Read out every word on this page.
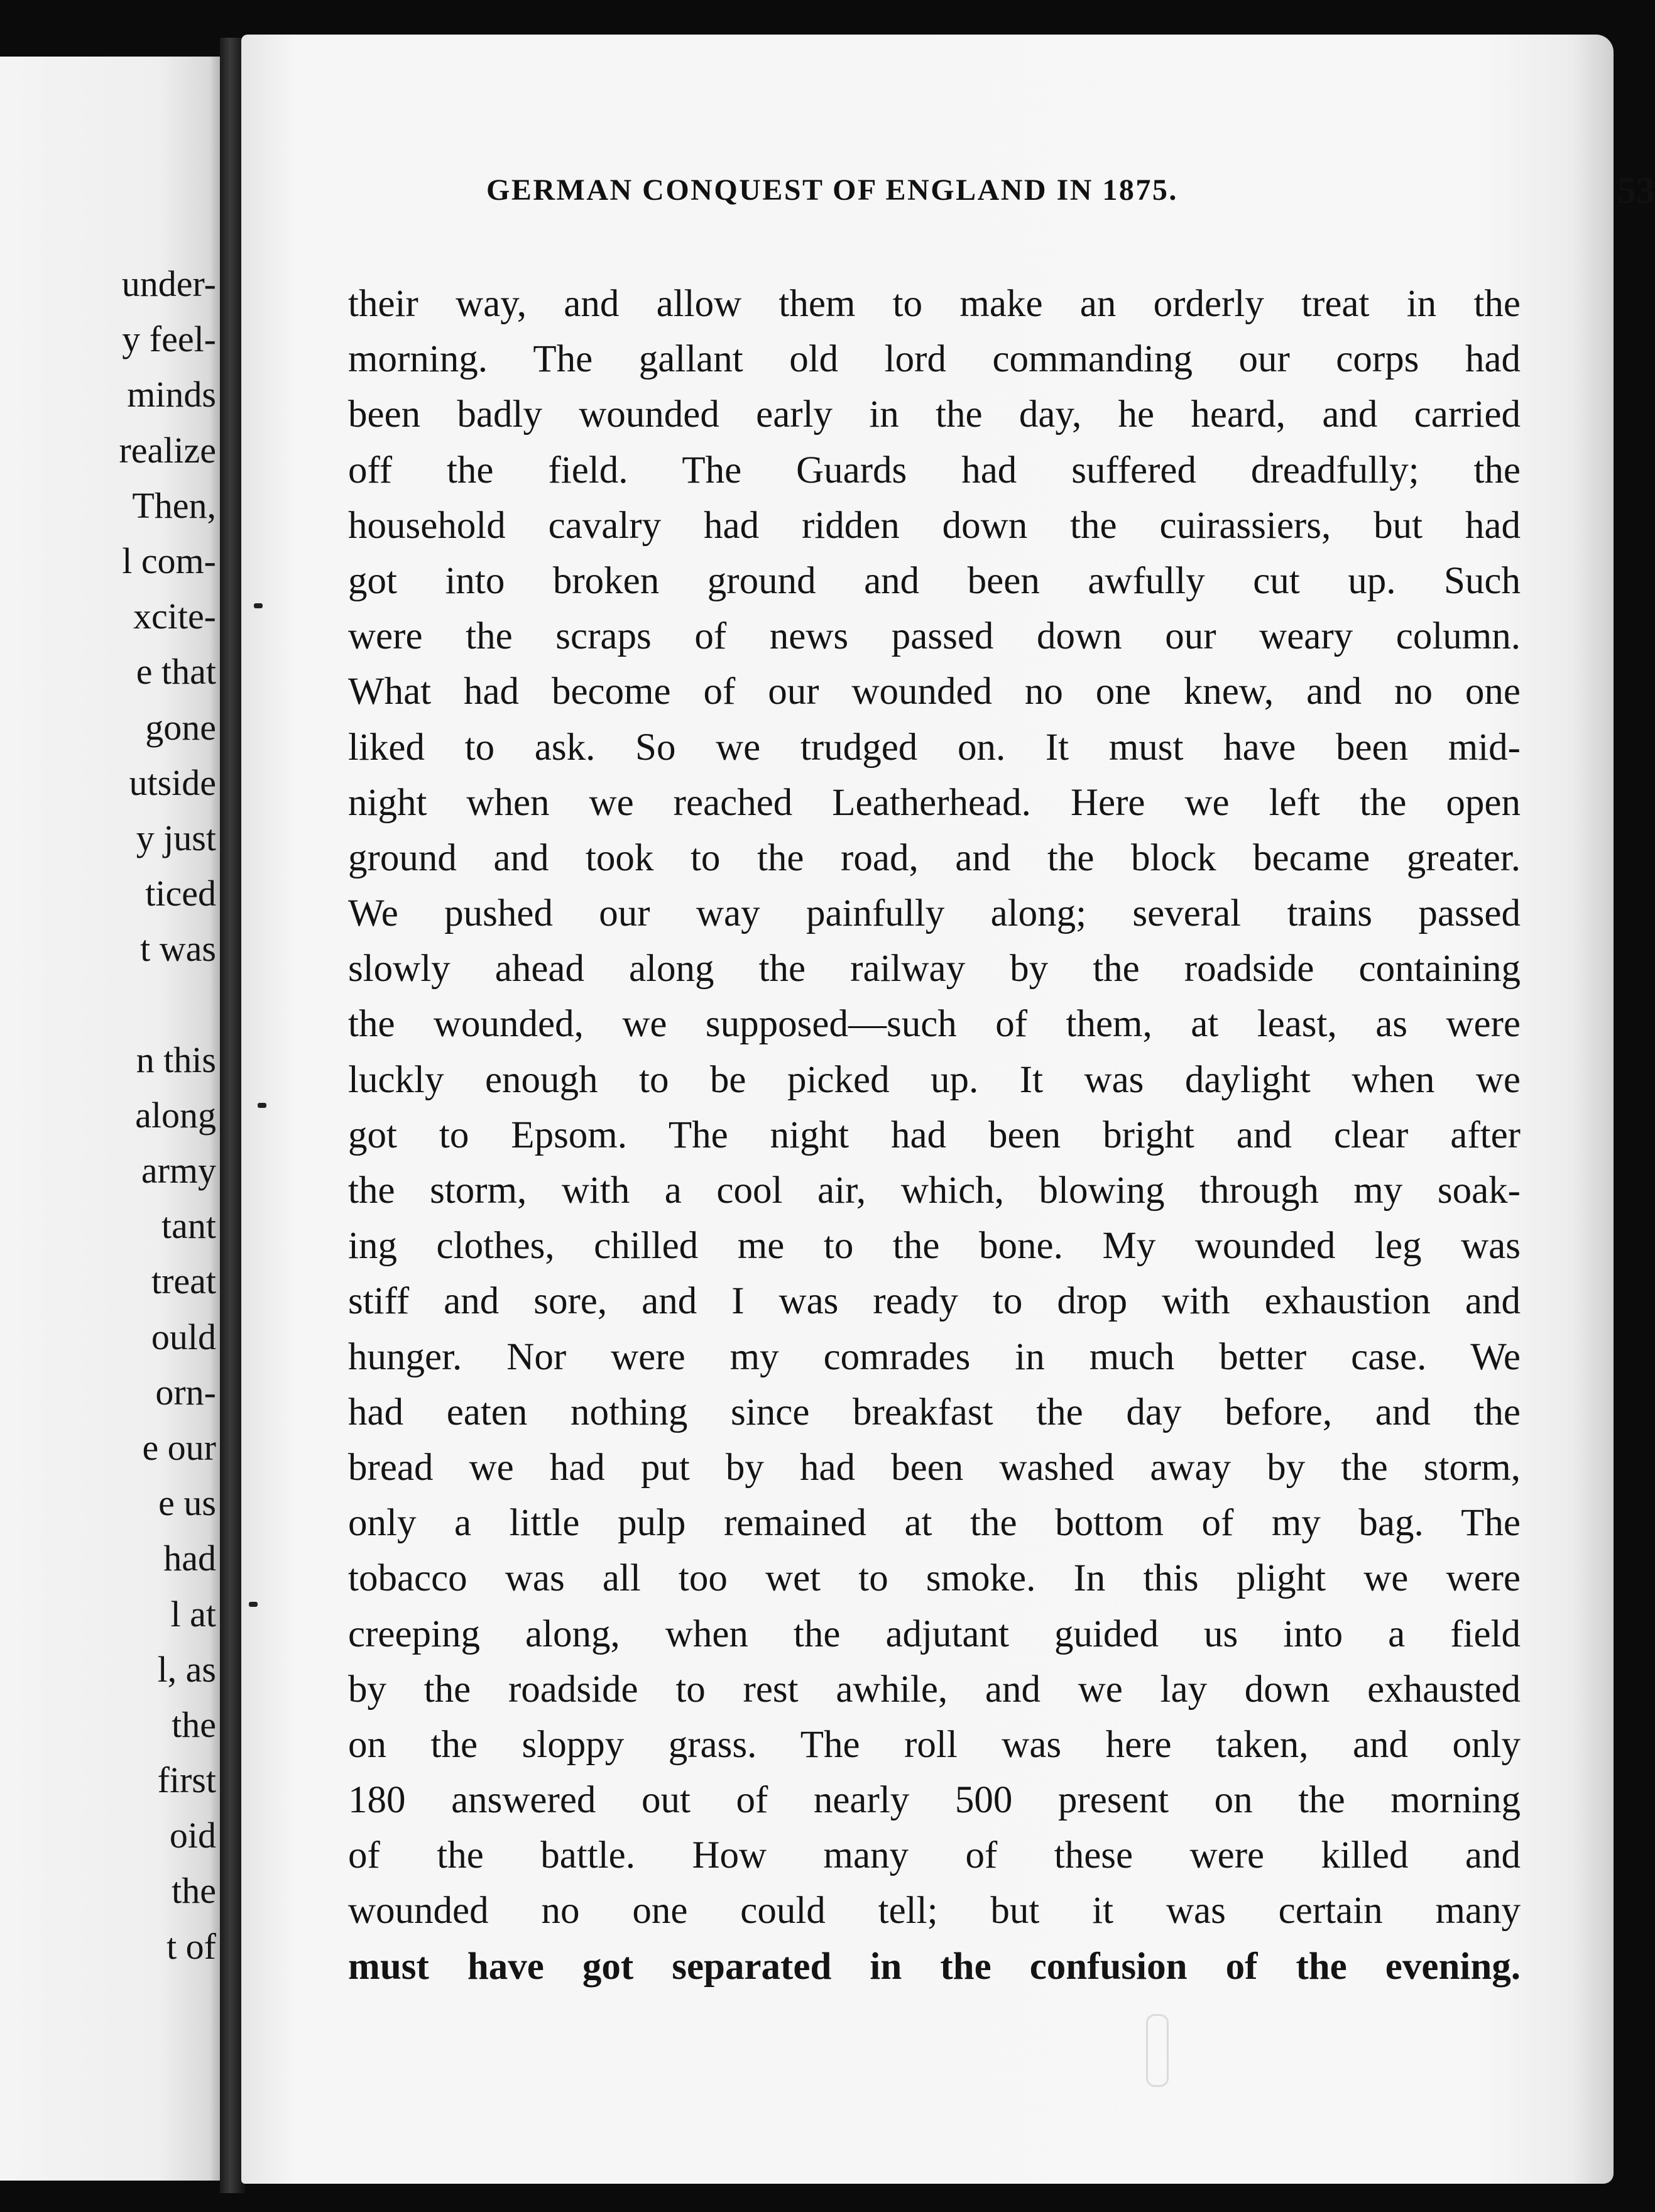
under-
y feel-
minds
realize
Then,
l com-
xcite-
e that
gone
utside
y just
ticed
t was
n this
along
army
tant
treat
ould
orn-
e our
e us
had
l at
l, as
the
first
oid
the
t of
GERMAN CONQUEST OF ENGLAND IN 1875.	53
their way, and allow them to make an orderly treat in the
morning. The gallant old lord commanding our corps had
been badly wounded early in the day, he heard, and carried
off the field. The Guards had suffered dreadfully; the
household cavalry had ridden down the cuirassiers, but had
got into broken ground and been awfully cut up. Such
were the scraps of news passed down our weary column.
What had become of our wounded no one knew, and no one
liked to ask. So we trudged on. It must have been mid-
night when we reached Leatherhead. Here we left the open
ground and took to the road, and the block became greater.
We pushed our way painfully along; several trains passed
slowly ahead along the railway by the roadside containing
the wounded, we supposed—such of them, at least, as were
luckly enough to be picked up. It was daylight when we
got to Epsom. The night had been bright and clear after
the storm, with a cool air, which, blowing through my soak-
ing clothes, chilled me to the bone. My wounded leg was
stiff and sore, and I was ready to drop with exhaustion and
hunger. Nor were my comrades in much better case. We
had eaten nothing since breakfast the day before, and the
bread we had put by had been washed away by the storm,
only a little pulp remained at the bottom of my bag. The
tobacco was all too wet to smoke. In this plight we were
creeping along, when the adjutant guided us into a field
by the roadside to rest awhile, and we lay down exhausted
on the sloppy grass. The roll was here taken, and only
180 answered out of nearly 500 present on the morning
of the battle. How many of these were killed and
wounded no one could tell; but it was certain many
must have got separated in the confusion of the evening.
